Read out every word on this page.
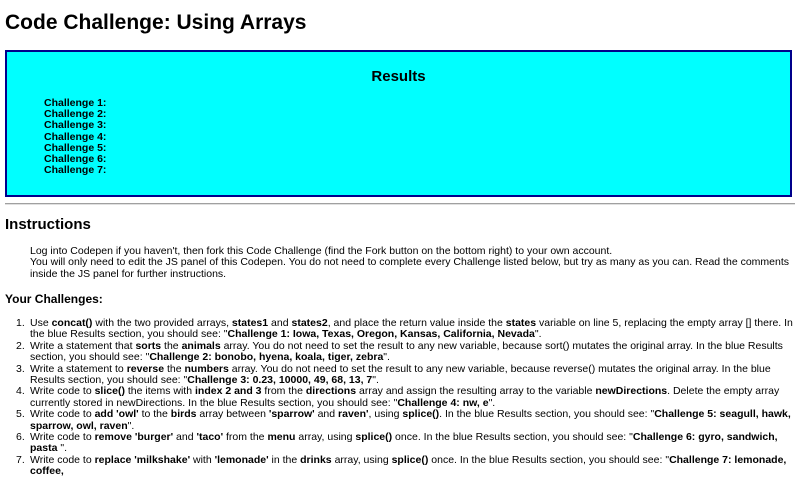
Code Challenge: Using Arrays
Results
Challenge 1:
Challenge 2:
Challenge 3:
Challenge 4:
Challenge 5:
Challenge 6:
Challenge 7:
Instructions

Log into Codepen if you haven't, then fork this Code Challenge (find the Fork button on the bottom right) to your own account.

You will only need to edit the JS panel of this Codepen. You do not need to complete every Challenge listed below, but try as many as you can. Read the comments inside the JS panel for further instructions.

Your Challenges:
1. Use concat() with the two provided arrays, states1 and states2, and place the return value inside the states variable on line 5, replacing the empty array [] there. In the blue Results section, you should see: "Challenge 1: Iowa, Texas, Oregon, Kansas, California, Nevada".
2. Write a statement that sorts the animals array. You do not need to set the result to any new variable, because sort() mutates the original array. In the blue Results section, you should see: "Challenge 2: bonobo, hyena, koala, tiger, zebra".
3. Write a statement to reverse the numbers array. You do not need to set the result to any new variable, because reverse() mutates the original array. In the blue Results section, you should see: "Challenge 3: 0.23, 10000, 49, 68, 13, 7".
4. Write code to slice() the items with index 2 and 3 from the directions array and assign the resulting array to the variable newDirections. Delete the empty array currently stored in newDirections. In the blue Results section, you should see: "Challenge 4: nw, e".
5. Write code to add 'owl' to the birds array between 'sparrow' and raven', using splice(). In the blue Results section, you should see: "Challenge 5: seagull, hawk, sparrow, owl, raven".
6. Write code to remove 'burger' and 'taco' from the menu array, using splice() once. In the blue Results section, you should see: "Challenge 6: gyro, sandwich, pasta ".
7. Write code to replace 'milkshake' with 'lemonade' in the drinks array, using splice() once. In the blue Results section, you should see: "Challenge 7: lemonade, coffee,
